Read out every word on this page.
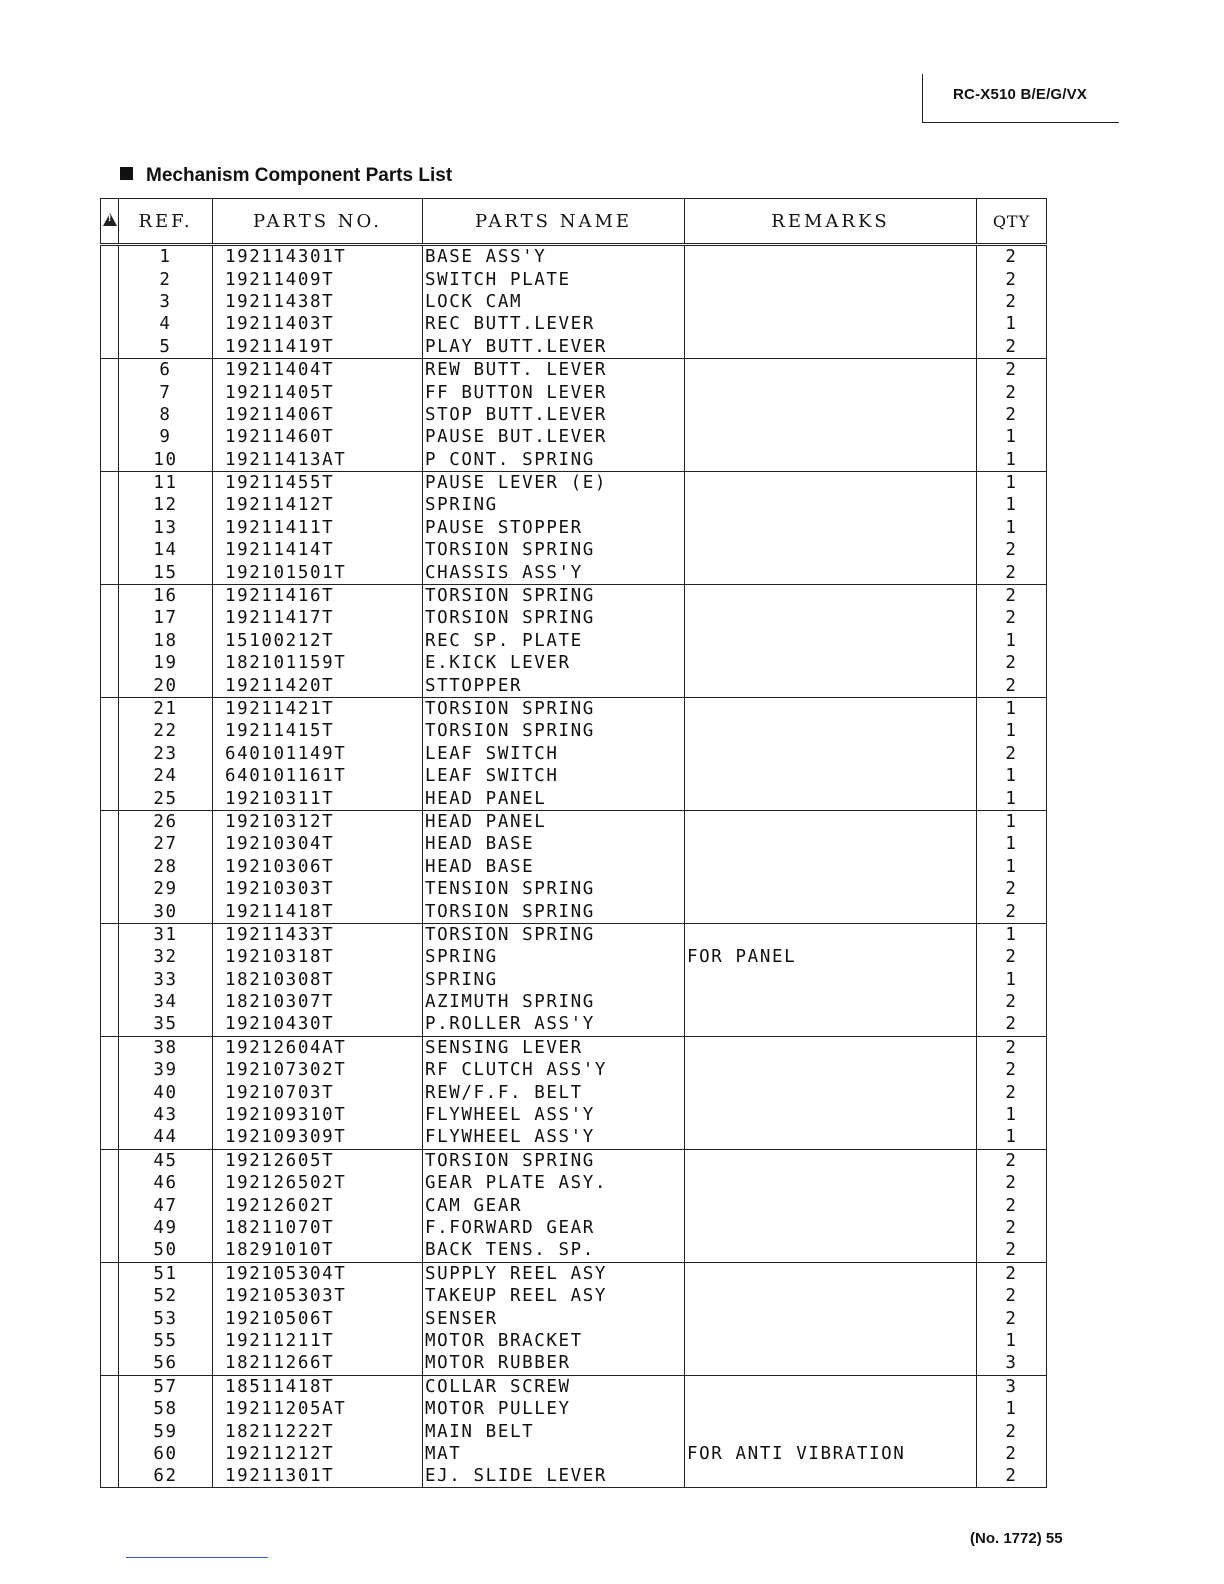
RC-X510 B/E/G/VX
Mechanism Component Parts List
!	REF.	PARTS NO.	PARTS NAME	REMARKS	QTY
	1	192114301T	BASE ASS'Y		2
	2	19211409T	SWITCH PLATE		2
	3	19211438T	LOCK CAM		2
	4	19211403T	REC BUTT.LEVER		1
	5	19211419T	PLAY BUTT.LEVER		2
	6	19211404T	REW BUTT. LEVER		2
	7	19211405T	FF BUTTON LEVER		2
	8	19211406T	STOP BUTT.LEVER		2
	9	19211460T	PAUSE BUT.LEVER		1
	10	19211413AT	P CONT. SPRING		1
	11	19211455T	PAUSE LEVER (E)		1
	12	19211412T	SPRING		1
	13	19211411T	PAUSE STOPPER		1
	14	19211414T	TORSION SPRING		2
	15	192101501T	CHASSIS ASS'Y		2
	16	19211416T	TORSION SPRING		2
	17	19211417T	TORSION SPRING		2
	18	15100212T	REC SP. PLATE		1
	19	182101159T	E.KICK LEVER		2
	20	19211420T	STTOPPER		2
	21	19211421T	TORSION SPRING		1
	22	19211415T	TORSION SPRING		1
	23	640101149T	LEAF SWITCH		2
	24	640101161T	LEAF SWITCH		1
	25	19210311T	HEAD PANEL		1
	26	19210312T	HEAD PANEL		1
	27	19210304T	HEAD BASE		1
	28	19210306T	HEAD BASE		1
	29	19210303T	TENSION SPRING		2
	30	19211418T	TORSION SPRING		2
	31	19211433T	TORSION SPRING		1
	32	19210318T	SPRING	FOR PANEL	2
	33	18210308T	SPRING		1
	34	18210307T	AZIMUTH SPRING		2
	35	19210430T	P.ROLLER ASS'Y		2
	38	19212604AT	SENSING LEVER		2
	39	192107302T	RF CLUTCH ASS'Y		2
	40	19210703T	REW/F.F. BELT		2
	43	192109310T	FLYWHEEL ASS'Y		1
	44	192109309T	FLYWHEEL ASS'Y		1
	45	19212605T	TORSION SPRING		2
	46	192126502T	GEAR PLATE ASY.		2
	47	19212602T	CAM GEAR		2
	49	18211070T	F.FORWARD GEAR		2
	50	18291010T	BACK TENS. SP.		2
	51	192105304T	SUPPLY REEL ASY		2
	52	192105303T	TAKEUP REEL ASY		2
	53	19210506T	SENSER		2
	55	19211211T	MOTOR BRACKET		1
	56	18211266T	MOTOR RUBBER		3
	57	18511418T	COLLAR SCREW		3
	58	19211205AT	MOTOR PULLEY		1
	59	18211222T	MAIN BELT		2
	60	19211212T	MAT	FOR ANTI VIBRATION	2
	62	19211301T	EJ. SLIDE LEVER		2
(No. 1772) 55
